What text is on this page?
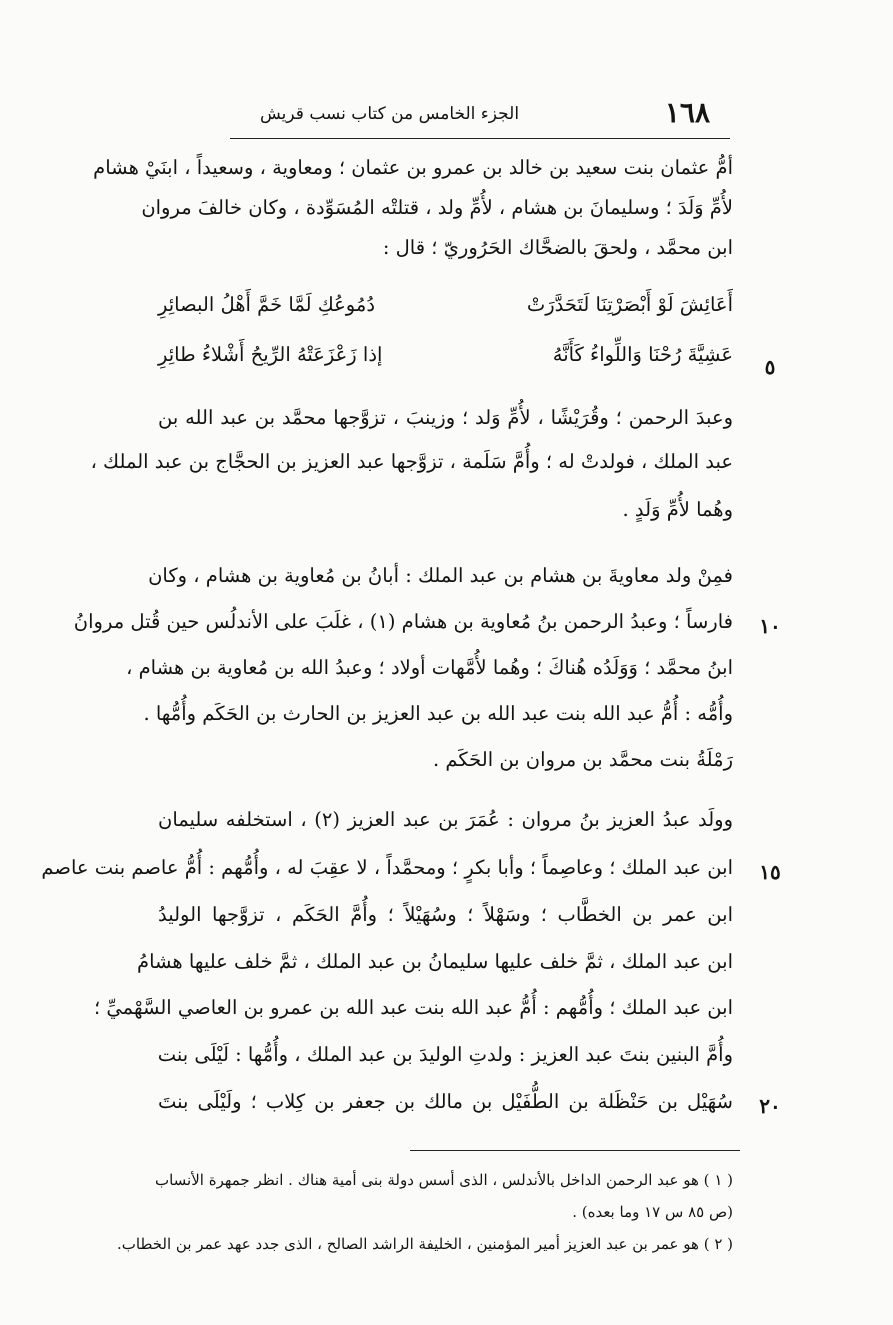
١٦٨
الجزء الخامس من كتاب نسب قريش
أمُّ عثمان بنت سعيد بن خالد بن عمرو بن عثمان ؛ ومعاوية ، وسعيداً ، ابنَيْ هشام
لأُمِّ وَلَدَ ؛ وسليمانَ بن هشام ، لأُمِّ ولد ، قتلتْه المُسَوِّدة ، وكان خالفَ مروان
ابن محمَّد ، ولحقَ بالضحَّاك الحَرُوريّ ؛ قال :
أَعَائِشَ لَوْ أَبْصَرْتِنَا لَتَحَدَّرَتْ
دُمُوعُكِ لَمَّا خَمَّ أَهْلُ البصائِرِ
عَشِيَّةَ رُحْنَا وَاللِّواءُ كَأَنَّهُ
إذا زَعْزَعَتْهُ الرِّيحُ أَشْلاءُ طائِرِ
٥
وعبدَ الرحمن ؛ وقُرَيْشًا ، لأُمِّ وَلد ؛ وزينبَ ، تزوَّجها محمَّد بن عبد الله بن
عبد الملك ، فولدتْ له ؛ وأُمَّ سَلَمة ، تزوَّجها عبد العزيز بن الحجَّاج بن عبد الملك ،
وهُما لأُمِّ وَلَدٍ .
فمِنْ ولد معاويةَ بن هشام بن عبد الملك : أبانُ بن مُعاوية بن هشام ، وكان
فارساً ؛ وعبدُ الرحمن بنُ مُعاوية بن هشام (١) ، غلَبَ على الأندلُس حين قُتل مروانُ	١٠
ابنُ محمَّد ؛ وَوَلَدُه هُناكَ ؛ وهُما لأُمَّهات أولاد ؛ وعبدُ الله بن مُعاوية بن هشام ،
وأُمُّه : أُمُّ عبد الله بنت عبد الله بن عبد العزيز بن الحارث بن الحَكَم وأُمُّها .
رَمْلَةُ بنت محمَّد بن مروان بن الحَكَم .
وولَد عبدُ العزيز بنُ مروان : عُمَرَ بن عبد العزيز (٢) ، استخلفه سليمان
ابن عبد الملك ؛ وعاصِماً ؛ وأبا بكرٍ ؛ ومحمَّداً ، لا عقِبَ له ، وأُمُّهم : أُمُّ عاصم بنت عاصم	١٥
ابن عمر بن الخطَّاب ؛ وسَهْلاً ؛ وسُهَيْلاً ؛ وأُمَّ الحَكَم ، تزوَّجها الوليدُ
ابن عبد الملك ، ثمَّ خلف عليها سليمانُ بن عبد الملك ، ثمَّ خلف عليها هشامُ
ابن عبد الملك ؛ وأُمُّهم : أُمُّ عبد الله بنت عبد الله بن عمرو بن العاصي السَّهْميِّ ؛
وأُمَّ البنين بنتَ عبد العزيز : ولدتِ الوليدَ بن عبد الملك ، وأُمُّها : لَيْلَى بنت
سُهَيْل بن حَنْظَلة بن الطُّفَيْل بن مالك بن جعفر بن كِلاب ؛ ولَيْلَى بنتَ	٢٠
( ١ ) هو عبد الرحمن الداخل بالأندلس ، الذى أسس دولة بنى أمية هناك . انظر جمهرة الأنساب
(ص ٨٥ س ١٧ وما بعده) .
( ٢ ) هو عمر بن عبد العزيز أمير المؤمنين ، الخليفة الراشد الصالح ، الذى جدد عهد عمر بن الخطاب.
